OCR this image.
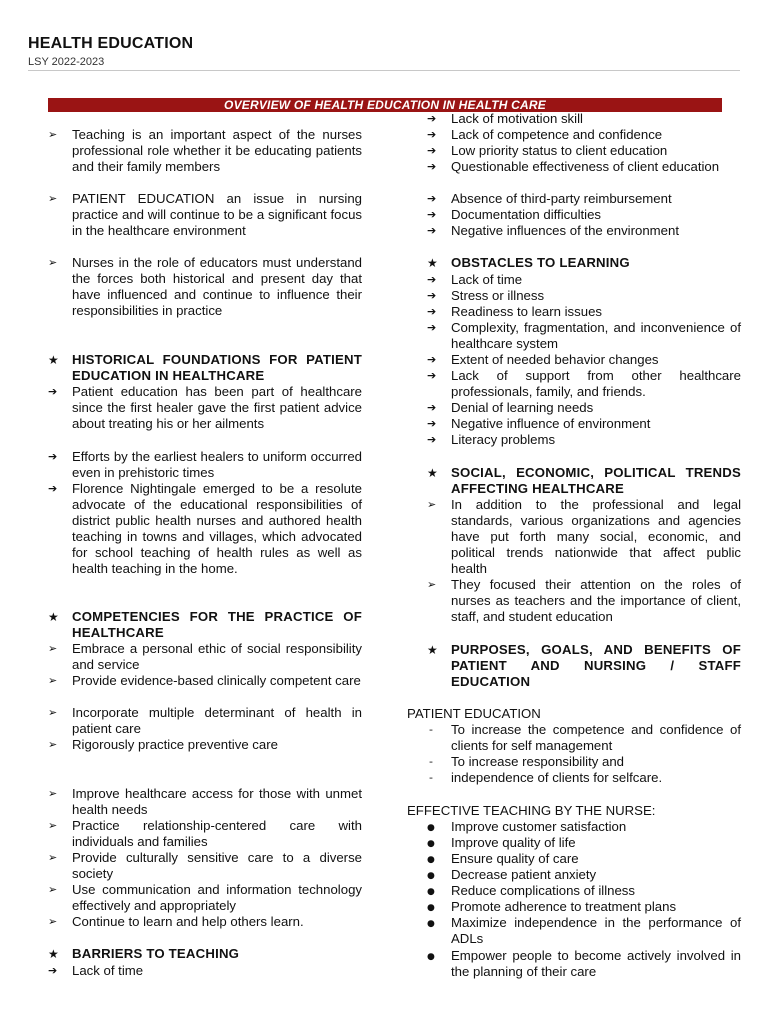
HEALTH EDUCATION
LSY 2022-2023
OVERVIEW OF HEALTH EDUCATION IN HEALTH CARE
➢	Teaching is an important aspect of the nurses professional role whether it be educating patients and their family members
➢	PATIENT EDUCATION an issue in nursing practice and will continue to be a significant focus in the healthcare environment
➢	Nurses in the role of educators must understand the forces both historical and present day that have influenced and continue to influence their responsibilities in practice
★	HISTORICAL FOUNDATIONS FOR PATIENT EDUCATION IN HEALTHCARE
➔	Patient education has been part of healthcare since the first healer gave the first patient advice about treating his or her ailments
➔	Efforts by the earliest healers to uniform occurred even in prehistoric times
➔	Florence Nightingale emerged to be a resolute advocate of the educational responsibilities of district public health nurses and authored health teaching in towns and villages, which advocated for school teaching of health rules as well as health teaching in the home.
★	COMPETENCIES FOR THE PRACTICE OF HEALTHCARE
➢	Embrace a personal ethic of social responsibility and service
➢	Provide evidence-based clinically competent care
➢	Incorporate multiple determinant of health in patient care
➢	Rigorously practice preventive care
➢	Improve healthcare access for those with unmet health needs
➢	Practice relationship-centered care with individuals and families
➢	Provide culturally sensitive care to a diverse society
➢	Use communication and information technology effectively and appropriately
➢	Continue to learn and help others learn.
★	BARRIERS TO TEACHING
➔	Lack of time
➔	Lack of motivation skill
➔	Lack of competence and confidence
➔	Low priority status to client education
➔	Questionable effectiveness of client education
➔	Absence of third-party reimbursement
➔	Documentation difficulties
➔	Negative influences of the environment
★	OBSTACLES TO LEARNING
➔	Lack of time
➔	Stress or illness
➔	Readiness to learn issues
➔	Complexity, fragmentation, and inconvenience of healthcare system
➔	Extent of needed behavior changes
➔	Lack of support from other healthcare professionals, family, and friends.
➔	Denial of learning needs
➔	Negative influence of environment
➔	Literacy problems
★	SOCIAL, ECONOMIC, POLITICAL TRENDS AFFECTING HEALTHCARE
➢	In addition to the professional and legal standards, various organizations and agencies have put forth many social, economic, and political trends nationwide that affect public health
➢	They focused their attention on the roles of nurses as teachers and the importance of client, staff, and student education
★	PURPOSES, GOALS, AND BENEFITS OF PATIENT AND NURSING / STAFF EDUCATION
PATIENT EDUCATION
-	To increase the competence and confidence of clients for self management
-	To increase responsibility and
-	independence of clients for selfcare.
EFFECTIVE TEACHING BY THE NURSE:
●	Improve customer satisfaction
●	Improve quality of life
●	Ensure quality of care
●	Decrease patient anxiety
●	Reduce complications of illness
●	Promote adherence to treatment plans
●	Maximize independence in the performance of ADLs
●	Empower people to become actively involved in the planning of their care
